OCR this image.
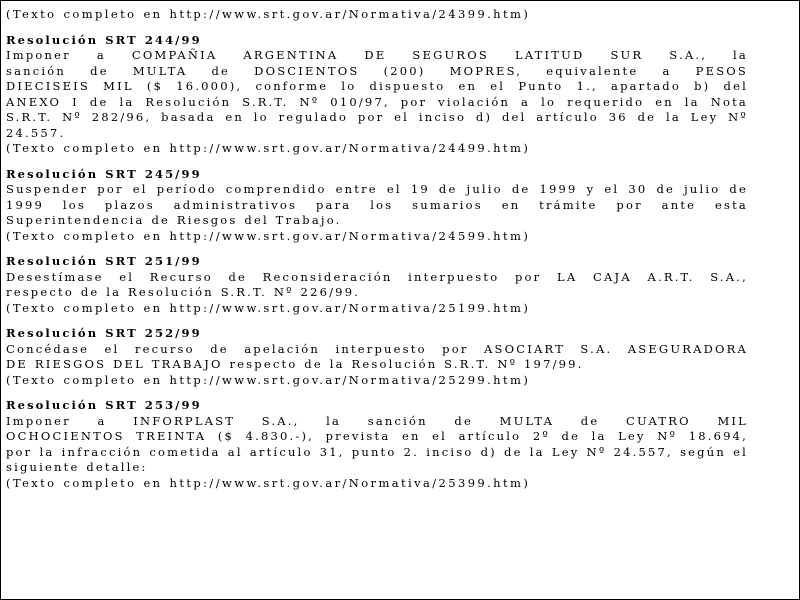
(Texto completo en http://www.srt.gov.ar/Normativa/24399.htm)
Resolución SRT 244/99
Imponer a COMPAÑIA ARGENTINA DE SEGUROS LATITUD SUR S.A., la
sanción de MULTA de DOSCIENTOS (200) MOPRES, equivalente a PESOS
DIECISEIS MIL ($ 16.000), conforme lo dispuesto en el Punto 1., apartado b) del
ANEXO I de la Resolución S.R.T. Nº 010/97, por violación a lo requerido en la Nota
S.R.T. Nº 282/96, basada en lo regulado por el inciso d) del artículo 36 de la Ley Nº
24.557.
(Texto completo en http://www.srt.gov.ar/Normativa/24499.htm)
Resolución SRT 245/99
Suspender por el período comprendido entre el 19 de julio de 1999 y el 30 de julio de
1999 los plazos administrativos para los sumarios en trámite por ante esta
Superintendencia de Riesgos del Trabajo.
(Texto completo en http://www.srt.gov.ar/Normativa/24599.htm)
Resolución SRT 251/99
Desestímase el Recurso de Reconsideración interpuesto por LA CAJA A.R.T. S.A.,
respecto de la Resolución S.R.T. Nº 226/99.
(Texto completo en http://www.srt.gov.ar/Normativa/25199.htm)
Resolución SRT 252/99
Concédase el recurso de apelación interpuesto por ASOCIART S.A. ASEGURADORA
DE RIESGOS DEL TRABAJO respecto de la Resolución S.R.T. Nº 197/99.
(Texto completo en http://www.srt.gov.ar/Normativa/25299.htm)
Resolución SRT 253/99
Imponer a INFORPLAST S.A., la sanción de MULTA de CUATRO MIL
OCHOCIENTOS TREINTA ($ 4.830.-), prevista en el artículo 2º de la Ley Nº 18.694,
por la infracción cometida al artículo 31, punto 2. inciso d) de la Ley Nº 24.557, según el
siguiente detalle:
(Texto completo en http://www.srt.gov.ar/Normativa/25399.htm)
